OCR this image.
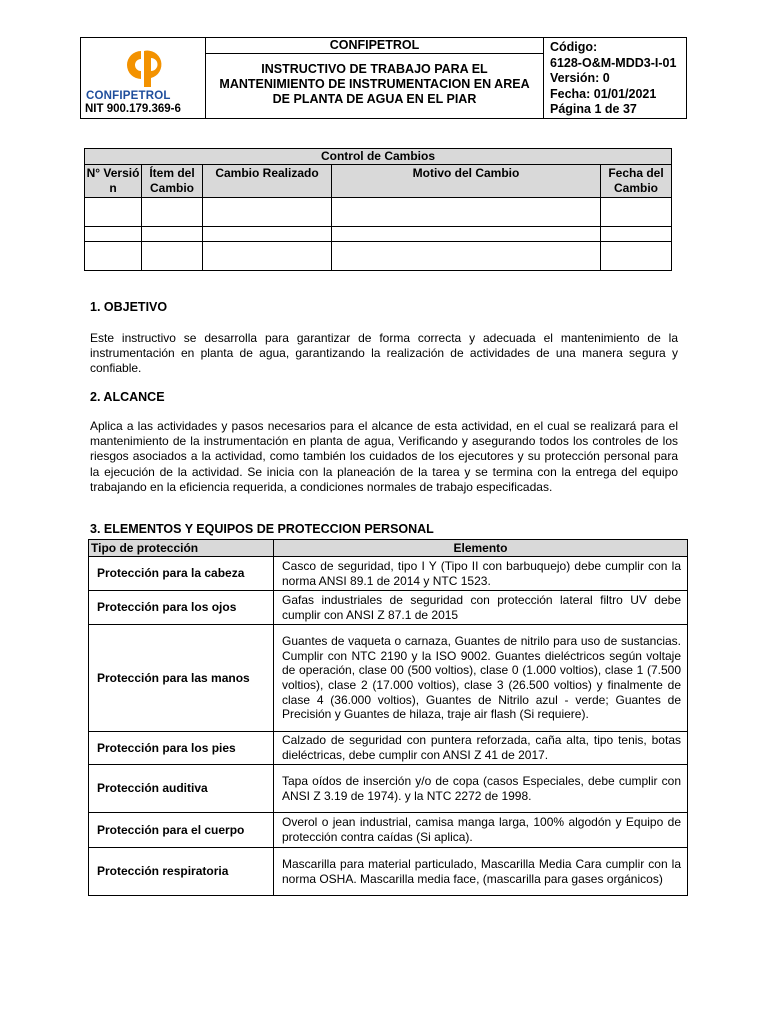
CONFIPETROL
NIT 900.179.369-6

CONFIPETROL
INSTRUCTIVO DE TRABAJO PARA EL
MANTENIMIENTO DE INSTRUMENTACION EN AREA
DE PLANTA DE AGUA EN EL PIAR

Código:
6128-O&M-MDD3-I-01
Versión: 0
Fecha: 01/01/2021
Página 1 de 37
Control de Cambios				
N° Versió n	Ítem del Cambio	Cambio Realizado	Motivo del Cambio	Fecha del Cambio

1. OBJETIVO
Este instructivo se desarrolla para garantizar de forma correcta y adecuada el mantenimiento de la instrumentación en planta de agua, garantizando la realización de actividades de una manera segura y confiable.
2. ALCANCE
Aplica a las actividades y pasos necesarios para el alcance de esta actividad, en el cual se realizará para el mantenimiento de la instrumentación en planta de agua, Verificando y asegurando todos los controles de los riesgos asociados a la actividad, como también los cuidados de los ejecutores y su protección personal para la ejecución de la actividad. Se inicia con la planeación de la tarea y se termina con la entrega del equipo trabajando en la eficiencia requerida, a condiciones normales de trabajo especificadas.
3. ELEMENTOS Y EQUIPOS DE PROTECCION PERSONAL
Tipo de protección	Elemento
Protección para la cabeza	Casco de seguridad, tipo I Y (Tipo II con barbuquejo) debe cumplir con la norma ANSI 89.1 de 2014 y NTC 1523.
Protección para los ojos	Gafas industriales de seguridad con protección lateral filtro UV debe cumplir con ANSI Z 87.1 de 2015
Protección para las manos	Guantes de vaqueta o carnaza, Guantes de nitrilo para uso de sustancias. Cumplir con NTC 2190 y la ISO 9002. Guantes dieléctricos según voltaje de operación, clase 00 (500 voltios), clase 0 (1.000 voltios), clase 1 (7.500 voltios), clase 2 (17.000 voltios), clase 3 (26.500 voltios) y finalmente de clase 4 (36.000 voltios), Guantes de Nitrilo azul - verde; Guantes de Precisión y Guantes de hilaza, traje air flash (Si requiere).
Protección para los pies	Calzado de seguridad con puntera reforzada, caña alta, tipo tenis, botas dieléctricas, debe cumplir con ANSI Z 41 de 2017.
Protección auditiva	Tapa oídos de inserción y/o de copa (casos Especiales, debe cumplir con ANSI Z 3.19 de 1974). y la NTC 2272 de 1998.
Protección para el cuerpo	Overol o jean industrial, camisa manga larga, 100% algodón y Equipo de protección contra caídas (Si aplica).
Protección respiratoria	Mascarilla para material particulado, Mascarilla Media Cara cumplir con la norma OSHA. Mascarilla media face, (mascarilla para gases orgánicos)
